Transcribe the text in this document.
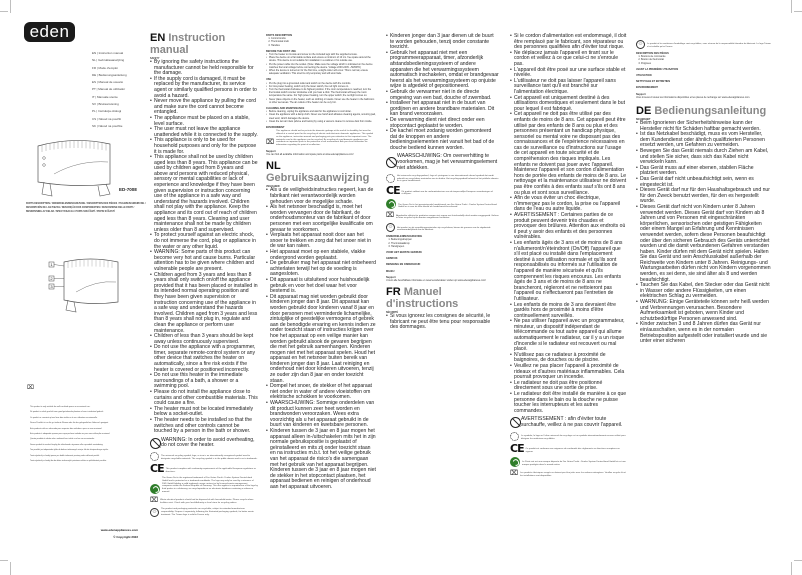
eden
EN | Instruction manual
NL | Gebruiksaanwijzing
FR | Mode d'emploi
DE | Bedienungsanleitung
ES | Manual de usuario
PT | Manual de utilizador
IT | Manuale utente
SV | Bruksanvisning
PL | Instrukcja obsługi
CS | Návod na použití
SK | Návod na použitie
ED-7008
PARTS DESCRIPTION / ONDERDELENBESCHRIJVING / DESCRIPTION DES PIÈCES / TEILEBESCHREIBUNG / DESCRIPCIÓN DE LAS PIEZAS / DESCRIÇÃO DOS COMPONENTES / DESCRIZIONE DELLE PARTI / BESKRIVNING AV DELAR / SPECYFIKACJA / POPIS SOUČÁSTÍ / POPIS SÚČASTÍ
1
2
3
⌧

This product is only suitable for well insulated spaces or occasional use.

Dit product is enkel geschikt voor goed geïsoleerde plaatsen of voor incidenteel gebruik.

Ce produit ne convient qu'aux lieux bien isolés ou à une utilisation occasionnelle.

Dieses Produkt ist nur für gut isolierte Räume oder für den gelegentlichen Gebrauch geeignet.

Este producto sólo es adecuado para espacios bien aislados o para un uso ocasional.

Este produto é adequado apenas para espaços bem isolados ou para uma utilização ocasional.

Questo prodotto è adatto solo a ambienti ben isolati o ad un uso occasionale.

Denna produkt är endast lämplig för välisolerade utrymmen eller sporadisk användning.

Ten produkt jest odpowiedni tylko do dobrze izolowanych miejsc lub do okazjonalnego użytku.

Tento výrobek je vhodný pouze pro dobře izolované prostory nebo občasné použití.

Tento výrobok je vhodný iba do dobre izolovaných priestorov alebo na príležitostné použitie.

www.edenappliances.com
© Copyright 2022
EN Instruction manual
SAFETY
• By ignoring the safety instructions the manufacturer cannot be held responsible for the damage.
• If the supply cord is damaged, it must be replaced by the manufacturer, its service agent or similarly qualified persons in order to avoid a hazard.
• Never move the appliance by pulling the cord and make sure the cord cannot become entangled.
• The appliance must be placed on a stable, level surface.
• The user must not leave the appliance unattended while it is connected to the supply.
• This appliance is only to be used for household purposes and only for the purpose it is made for.
• This appliance shall not be used by children aged less than 8 years. This appliance can be used by children aged from 8 years and above and persons with reduced physical, sensory or mental capabilities or lack of experience and knowledge if they have been given supervision or instruction concerning use of the appliance in a safe way and understand the hazards involved. Children shall not play with the appliance. Keep the appliance and its cord out of reach of children aged less than 8 years. Cleaning and user maintenance shall not be made by children unless older than 8 and supervised.
• To protect yourself against an electric shock, do not immerse the cord, plug or appliance in the water or any other liquid.
• WARNING: Some parts of this product can become very hot and cause burns. Particular attention has to be given where children and vulnerable people are present.
• Children aged from 3 years and less than 8 years shall only switch on/off the appliance provided that it has been placed or installed in its intended normal operating position and they have been given supervision or instruction concerning use of the appliance in a safe way and understand the hazards involved. Children aged from 3 years and less than 8 years shall not plug in, regulate and clean the appliance or perform user maintenance.
• Children of less than 3 years should be kept away unless continuously supervised.
• Do not use the appliance with a programmer, timer, separate remote-control system or any other device that switches the heater on automatically, since a fire risk exists if the heater is covered or positioned incorrectly.
• Do not use this heater in the immediate surroundings of a bath, a shower or a swimming pool.
• Please do not install the appliance close to curtains and other combustible materials. This could cause a fire.
• The heater must not be located immediately below a socket-outlet.
• The heater needs to be installed so that the switches and other controls cannot be touched by a person in the bath or shower.
WARNING: In order to avoid overheating, do not cover the heater.
The universal recycling symbol, logo, or icon is an internationally recognized symbol used to designate recyclable materials. The recycling symbol is in the public domain and is not a trademark.
CE This product complies with conformity requirements of the applicable European regulations or directives.
The Green Dot is the registered trademark of Der Grüne Punkt - Duales System Deutschland GmbH and is protected as a trademark worldwide. The logo may only be used by customers of DSD GmbH holding a valid trademark usage contract or by licensed waste management companies within the Federal Republic of Germany. This also applies to reproduction of the logo by third parties in a dictionary, an encyclopaedia or an electronic database containing a reference manual.
⌧ Waste electrical products should not be disposed of with household waste. Please recycle where facilities exist. Check with your local Authority or local store for recycling advice.
♲	The product and packaging materials are recyclable, subject to extended manufacturer responsibility. Dispose it separately, following the illustrated packaging symbols, for better waste treatment. The Triman logo is valid in France only.
PARTS DESCRIPTION
1. Control knobs
2. Thermostat knob
3. Handles
BEFORE THE FIRST USE
• Turn the heater on its side and screw on the included legs with the supplied screws.
• Place the device on a flat stable surface and ensure a minimum of 10 cm. free space around the device. This device is not suitable for installation in a cabinet or for outside use.
• Put the power cable into the socket. (Note: Make sure the voltage which is indicated on the device matches the local voltage before connecting the device. Voltage 220V-240V ~50/60Hz)
• When the device is turned on for the first time, a slight odour will occur. This is normal, ensure adequate ventilation. This smell is only temporary and will soon fade.
USE
• Put the plug into a grounded outlet and switch on the device with the controls.
• For low-power heating, switch only the lower switch, the red light comes on.
• Turn the thermostat clockwise to its highest position. If the room temperature is reached, turn the thermostat switch counter clockwise until you hear a click. The thermostat will keep the room temperature the same. For high power heating, turn the upper switch; the red light comes on.
• Never place objects on the heater, such as clothing or towels. Never use the heater in the bathroom or other wet areas. The air outlets of the heater can be very hot.
CLEANING AND MAINTENANCE
• Before cleaning, unplug the appliance and wait for the appliance to cool down.
• Clean the appliance with a damp cloth. Never use harsh and abrasive cleaning agents, scouring pad, steel wool, which damages the device.
• Clean the two air inlets (above and below) by using a vacuum cleaner to remove dust from inside.
ENVIRONMENT
⌧
This appliance should not be put into the domestic garbage at the end of its durability, but must be offered at a central point for the recycling of electric and electronic domestic appliances. This symbol on the appliance, instruction manual and packaging puts your attention to this important issue. The materials used in this appliance can be recycled. By recycling of used domestic appliances you contribute an important push to the protection of our environment. Ask your local authorities for information regarding the point of recollection.
Support
You can find all available information and spare parts at www.edenappliances.com!
NL Gebruiksaanwijzing
VEILIGHEID
• Als u de veiligheidsinstructies negeert, kan de fabrikant niet verantwoordelijk worden gehouden voor de mogelijke schade.
• Als het netsnoer beschadigd is, moet het worden vervangen door de fabrikant, de onderhoudsmonteur van de fabrikant of door personen met een soortgelijke kwalificatie om gevaar te voorkomen.
• Verplaats het apparaat nooit door aan het snoer te trekken en zorg dat het snoer niet in de war kan raken.
• Het apparaat moet op een stabiele, vlakke ondergrond worden geplaatst.
• De gebruiker mag het apparaat niet onbeheerd achterlaten terwijl het op de voeding is aangesloten.
• Dit apparaat is uitsluitend voor huishoudelijk gebruik en voor het doel waar het voor bestemd is.
• Dit apparaat mag niet worden gebruikt door kinderen jonger dan 8 jaar. Dit apparaat kan worden gebruikt door kinderen vanaf 8 jaar en door personen met verminderde lichamelijke, zintuiglijke of geestelijke vermogens of gebrek aan de benodigde ervaring en kennis indien ze onder toezicht staan of instructies krijgen over hoe het apparaat op een veilige manier kan worden gebruikt alsook de gevaren begrijpen die met het gebruik samenhangen. Kinderen mogen niet met het apparaat spelen. Houd het apparaat en het netsnoer buiten bereik van kinderen jonger dan 8 jaar. Laat reiniging en onderhoud niet door kinderen uitvoeren, tenzij ze ouder zijn dan 8 jaar en onder toezicht staan.
• Dompel het snoer, de stekker of het apparaat niet onder in water of andere vloeistoffen om elektrische schokken te voorkomen.
• WAARSCHUWING: Sommige onderdelen van dit product kunnen zeer heet worden en brandwonden veroorzaken. Wees extra voorzichtig als u het apparaat gebruikt in de buurt van kinderen en kwetsbare personen.
• Kinderen tussen de 3 jaar en 8 jaar mogen het apparaat alleen in-/uitschakelen mits het in zijn normale gebruikspositie is geplaatst of geïnstalleerd en mits zij onder toezicht staan en na instructies m.b.t. tot het veilige gebruik van het apparaat de risico's die samengaan met het gebruik van het apparaat begrijpen. Kinderen tussen de 3 jaar en 8 jaar mogen niet de stekker in het stopcontact plaatsen, het apparaat bedienen en reinigen of onderhoud aan het apparaat uitvoeren.
• Kinderen jonger dan 3 jaar dienen uit de buurt te worden gehouden, tenzij onder constante toezicht.
• Gebruik het apparaat niet met een programmeerapparaat, timer, afzonderlijk afstandsbedieningssysteem of andere apparaten die het verwarmingssysteem automatisch inschakelen, omdat er brandgevaar heerst als het verwarmingssysteem op onjuiste wijze is afgedekt of gepositioneerd.
• Gebruik de verwarmer niet in de directe omgeving van een bad, douche of zwembad.
• Installeer het apparaat niet in de buurt van gordijnen en andere brandbare materialen. Dit kan brand veroorzaken.
• De verwarming dient niet direct onder een stopcontact geplaatst te worden.
• De kachel moet zodanig worden gemonteerd dat de knoppen en andere bedieningselementen niet vanuit het bad of de douche bediend kunnen worden.
WAARSCHUWING: Om oververhitting te voorkomen, mag je het verwarmingselement niet afdekken.
Het universele recyclingsymbool, -logo of -pictogram is een internationaal erkend symbool dat wordt gebruikt om recyclebare materialen aan te duiden. Het recyclingsymbool behoort tot het publieke domein en is geen handelsmerk.
CE Dit product voldoet aan de conformiteitseisen van de toepasselijke Europese verordeningen of richtlijnen.
The Green Dot is het geregistreerde handelsmerk van Der Grüne Punkt - Duales System Deutschland GmbH en is over de hele wereld als handelsmerk beschermd.
⌧ Afgedankte elektrische producten mogen niet samen met huishoudelijk afval worden weggegooid. Gelieve te laten recyclen bij de daartoe aangewezen faciliteiten.
♲	Het product en de verpakkingsmaterialen zijn recyclebaar, binnen de grenzen van de uitgebreide verantwoordelijkheid van de fabrikant.
ONDERDELENBESCHRIJVING
1. Bedieningsknoppen
2. Thermostaatknop
3. Handgrepen
VOOR HET EERSTE GEBRUIK
GEBRUIK
REINIGING EN ONDERHOUD
MILIEU
Support
U kunt alle beschikbare informatie en reserveonderdelen vinden op www.edenappliances.com!
FR Manuel d'instructions
SÉCURITÉ
• Si vous ignorez les consignes de sécurité, le fabricant ne peut être tenu pour responsable des dommages.
• Si le cordon d'alimentation est endommagé, il doit être remplacé par le fabricant, son réparateur ou des personnes qualifiées afin d'éviter tout risque.
• Ne déplacez jamais l'appareil en tirant sur le cordon et veillez à ce que celui-ci ne s'enroule pas.
• L'appareil doit être posé sur une surface stable et nivelée.
• L'utilisateur ne doit pas laisser l'appareil sans surveillance tant qu'il est branché sur l'alimentation électrique.
• Cet appareil est uniquement destiné à des utilisations domestiques et seulement dans le but pour lequel il est fabriqué.
• Cet appareil ne doit pas être utilisé par des enfants de moins de 8 ans. Cet appareil peut être utilisé par des enfants de 8 ans ou plus et des personnes présentant un handicap physique, sensoriel ou mental voire ne disposant pas des connaissances et de l'expérience nécessaires en cas de surveillance ou d'instructions sur l'usage de cet appareil en toute sécurité et de compréhension des risques impliqués. Les enfants ne doivent pas jouer avec l'appareil. Maintenez l'appareil et son cordon d'alimentation hors de portée des enfants de moins de 8 ans. Le nettoyage et la maintenance utilisateur ne doivent pas être confiés à des enfants sauf s'ils ont 8 ans ou plus et sont sous surveillance.
• Afin de vous éviter un choc électrique, n'immergez pas le cordon, la prise ou l'appareil dans de l'eau ou autre liquide.
• AVERTISSEMENT : Certaines parties de ce produit peuvent devenir très chaudes et provoquer des brûlures. Attention aux endroits où il peut y avoir des enfants et des personnes vulnérables.
• Les enfants âgés de 3 ans et de moins de 8 ans n'allumeront/n'éteindront (On/Off) l'appareil que s'il est placé ou installé dans l'emplacement destiné à son utilisation normale et qu'ils sont responsabilisés ou informés sur l'utilisation de l'appareil de manière sécurisée et qu'ils comprennent les risques encourus. Les enfants âgés de 3 ans et de moins de 8 ans ne brancheront, régleront et ne nettoieront pas l'appareil ou n'effectueront pas l'entretien de l'utilisateur.
• Les enfants de moins de 3 ans devraient être gardés hors de proximité à moins d'être continuellement surveillés.
• Ne pas utiliser l'appareil avec un programmateur, minuteur, un dispositif indépendant de télécommande ou tout autre appareil qui allume automatiquement le radiateur, car il y a un risque d'incendie si le radiateur est recouvert ou mal placé.
• N'utilisez pas ce radiateur à proximité de baignoires, de douches ou de piscine.
• Veuillez ne pas placer l'appareil à proximité de rideaux et d'autres matériaux inflammables. Cela pourrait provoquer un incendie.
• Le radiateur ne doit pas être positionné directement sous une sortie de prise.
• Le radiateur doit être installé de manière à ce que personne dans le bain ou la douche ne puisse toucher les interrupteurs et les autres commandes.
AVERTISSEMENT : afin d'éviter toute surchauffe, veillez à ne pas couvrir l'appareil.
Le symbole, le logo ou l'icône universel de recyclage est un symbole internationalement reconnu utilisé pour désigner les matériaux recyclables.
CE Ce produit est conforme aux exigences de conformité des règlements ou directives européens en vigueur.
Le Point vert est une marque déposée de Der Grüne Punkt - Duales System Deutschland GmbH et est une marque protégée dans le monde entier.
⌧ Les produits électriques usagés ne doivent pas être jetés avec les ordures ménagères. Veuillez recycler là où les installations sont disponibles.
♲	Le produit et les matériaux d'emballage sont recyclables, sous réserve de la responsabilité étendue du fabricant. Le logo Triman n'est valable qu'en France.
DESCRIPTION DES PIÈCES
1. Boutons de commande
2. Bouton de thermostat
3. Poignées
AVANT LA PREMIÈRE UTILISATION
UTILISATION
NETTOYAGE ET ENTRETIEN
ENVIRONNEMENT
Support
Vous trouverez toutes les informations disponibles et les pièces de rechange sur www.edenappliances.com.
DE Bedienungsanleitung
SICHERHEIT
• Beim Ignorieren der Sicherheitshinweise kann der Hersteller nicht für Schäden haftbar gemacht werden.
• Ist das Netzkabel beschädigt, muss es vom Hersteller, dem Kundendienst oder ähnlich qualifizierten Personen ersetzt werden, um Gefahren zu vermeiden.
• Bewegen Sie das Gerät niemals durch Ziehen am Kabel, und stellen Sie sicher, dass sich das Kabel nicht verwickeln kann.
• Das Gerät muss auf einer ebenen, stabilen Fläche platziert werden.
• Das Gerät darf nicht unbeaufsichtigt sein, wenn es eingesteckt ist.
• Dieses Gerät darf nur für den Haushaltsgebrauch und nur für den Zweck benutzt werden, für den es hergestellt wurde.
• Dieses Gerät darf nicht von Kindern unter 8 Jahren verwendet werden. Dieses Gerät darf von Kindern ab 8 Jahren und von Personen mit eingeschränkten körperlichen, sensorischen oder geistigen Fähigkeiten oder einem Mangel an Erfahrung und Kenntnissen verwendet werden, sofern diese Personen beaufsichtigt oder über den sicheren Gebrauch des Geräts unterrichtet wurden und die damit verbundenen Gefahren verstanden haben. Kinder dürfen mit dem Gerät nicht spielen. Halten Sie das Gerät und sein Anschlusskabel außerhalb der Reichweite von Kindern unter 8 Jahren. Reinigungs- und Wartungsarbeiten dürfen nicht von Kindern vorgenommen werden, es sei denn, sie sind älter als 8 und werden beaufsichtigt.
• Tauchen Sie das Kabel, den Stecker oder das Gerät nicht in Wasser oder andere Flüssigkeiten, um einen elektrischen Schlag zu vermeiden.
• WARNUNG: Einige Geräteteile können sehr heiß werden und Verbrennungen verursachen. Besondere Aufmerksamkeit ist geboten, wenn Kinder und schutzbedürftige Personen anwesend sind.
• Kinder zwischen 3 und 8 Jahren dürfen das Gerät nur ein/ausschalten, wenn es in der normalen Betriebsposition aufgestellt oder installiert wurde und sie unter einer sicheren
